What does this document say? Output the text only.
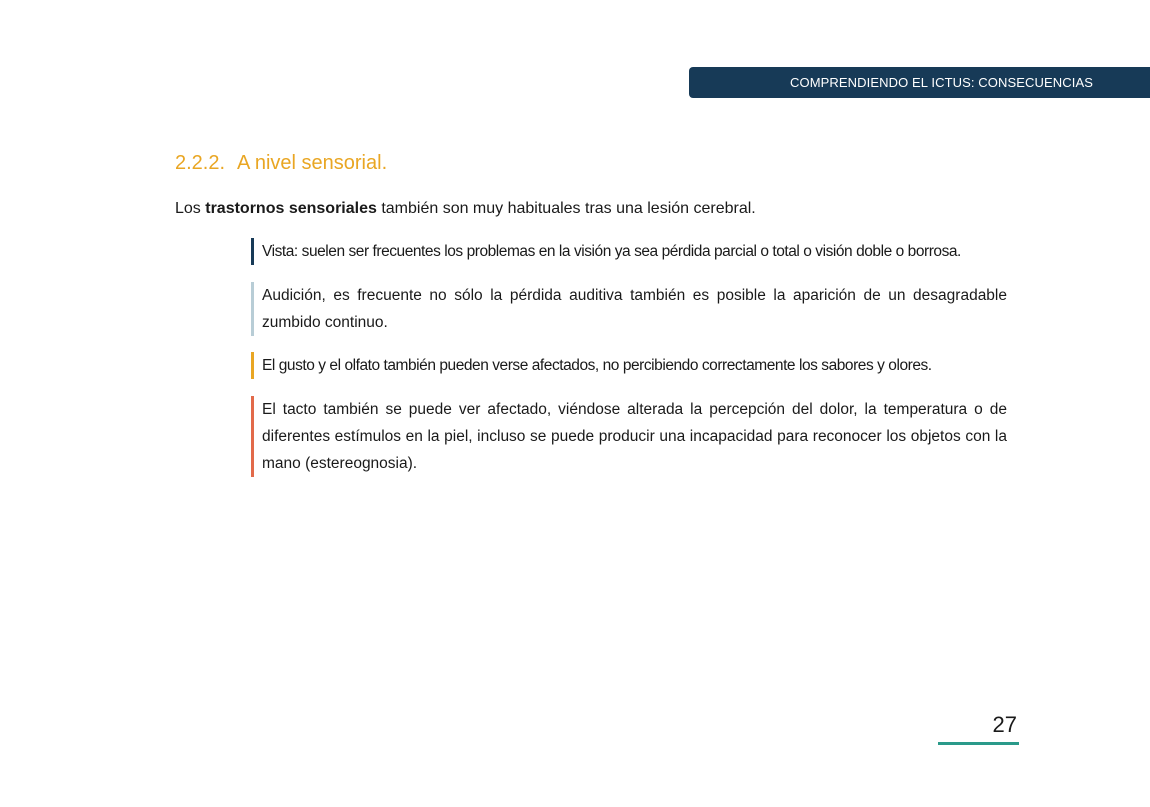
COMPRENDIENDO EL ICTUS: CONSECUENCIAS
2.2.2. A nivel sensorial.

Los trastornos sensoriales también son muy habituales tras una lesión cerebral.

Vista: suelen ser frecuentes los problemas en la visión ya sea pérdida parcial o total o visión doble o borrosa.

Audición, es frecuente no sólo la pérdida auditiva también es posible la aparición de un desagradable zumbido continuo.

El gusto y el olfato también pueden verse afectados, no percibiendo correctamente los sabores y olores.

El tacto también se puede ver afectado, viéndose alterada la percepción del dolor, la temperatura o de diferentes estímulos en la piel, incluso se puede producir una incapacidad para reconocer los objetos con la mano (estereognosia).

27
